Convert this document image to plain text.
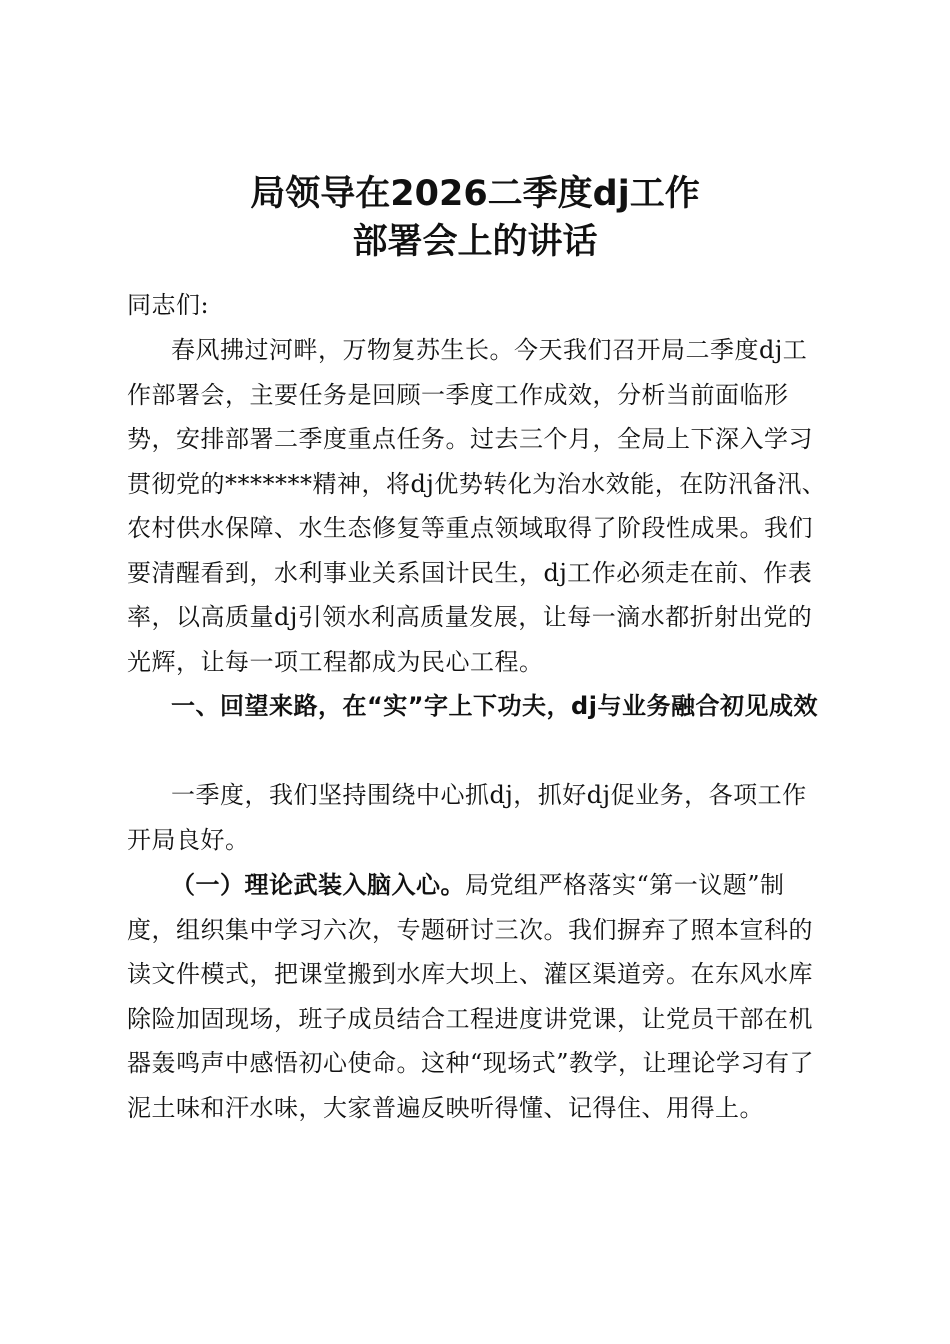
局领导在2026二季度dj工作
部署会上的讲话
同志们:
春风拂过河畔，万物复苏生长。今天我们召开局二季度dj工作部署会，主要任务是回顾一季度工作成效，分析当前面临形势，安排部署二季度重点任务。过去三个月，全局上下深入学习贯彻党的*******精神，将dj优势转化为治水效能，在防汛备汛、农村供水保障、水生态修复等重点领域取得了阶段性成果。我们要清醒看到，水利事业关系国计民生，dj工作必须走在前、作表率，以高质量dj引领水利高质量发展，让每一滴水都折射出党的光辉，让每一项工程都成为民心工程。
一、回望来路，在“实”字上下功夫，dj与业务融合初见成效
一季度，我们坚持围绕中心抓dj，抓好dj促业务，各项工作开局良好。
（一）理论武装入脑入心。局党组严格落实“第一议题”制度，组织集中学习六次，专题研讨三次。我们摒弃了照本宣科的读文件模式，把课堂搬到水库大坝上、灌区渠道旁。在东风水库除险加固现场，班子成员结合工程进度讲党课，让党员干部在机器轰鸣声中感悟初心使命。这种“现场式”教学，让理论学习有了泥土味和汗水味，大家普遍反映听得懂、记得住、用得上。
